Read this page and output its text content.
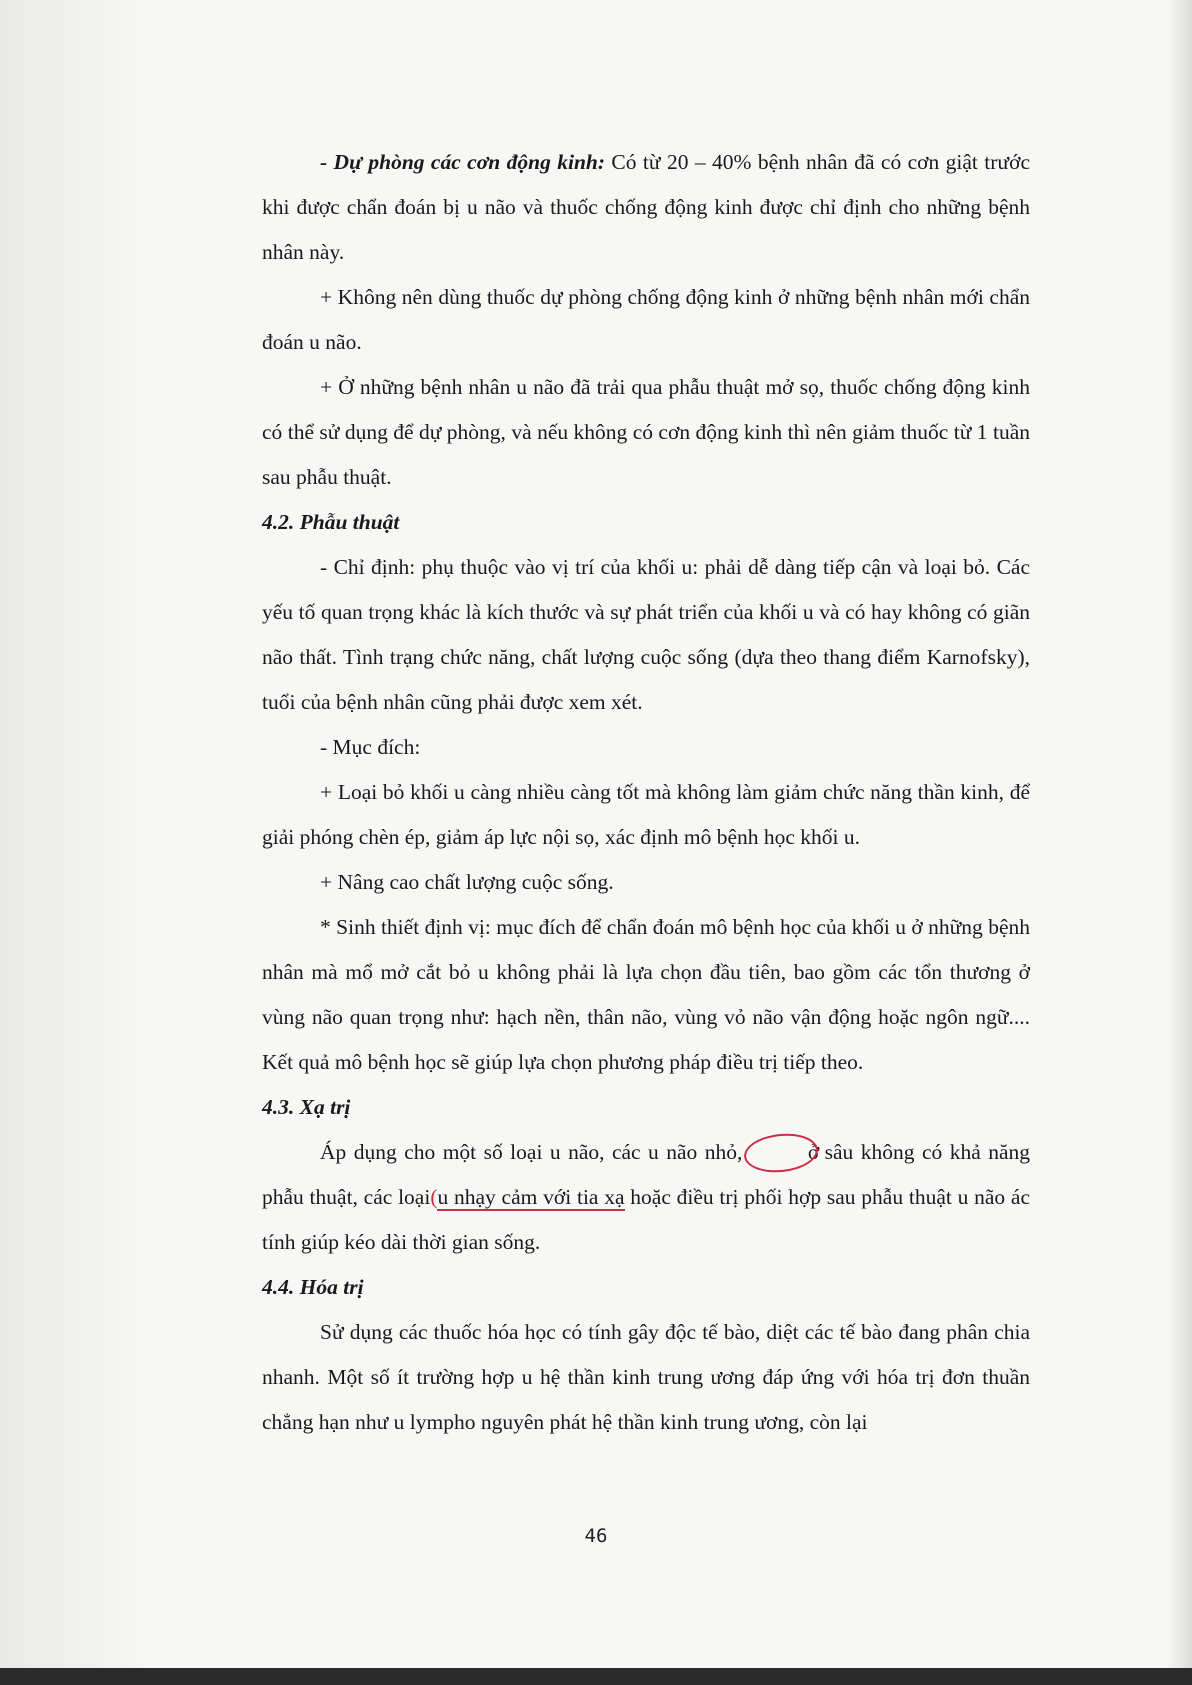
- Dự phòng các cơn động kinh: Có từ 20 – 40% bệnh nhân đã có cơn giật trước khi được chẩn đoán bị u não và thuốc chống động kinh được chỉ định cho những bệnh nhân này.

+ Không nên dùng thuốc dự phòng chống động kinh ở những bệnh nhân mới chẩn đoán u não.

+ Ở những bệnh nhân u não đã trải qua phẫu thuật mở sọ, thuốc chống động kinh có thể sử dụng để dự phòng, và nếu không có cơn động kinh thì nên giảm thuốc từ 1 tuần sau phẫu thuật.

4.2. Phẫu thuật

- Chỉ định: phụ thuộc vào vị trí của khối u: phải dễ dàng tiếp cận và loại bỏ. Các yếu tố quan trọng khác là kích thước và sự phát triển của khối u và có hay không có giãn não thất. Tình trạng chức năng, chất lượng cuộc sống (dựa theo thang điểm Karnofsky), tuổi của bệnh nhân cũng phải được xem xét.

- Mục đích:

+ Loại bỏ khối u càng nhiều càng tốt mà không làm giảm chức năng thần kinh, để giải phóng chèn ép, giảm áp lực nội sọ, xác định mô bệnh học khối u.

+ Nâng cao chất lượng cuộc sống.

* Sinh thiết định vị: mục đích để chẩn đoán mô bệnh học của khối u ở những bệnh nhân mà mổ mở cắt bỏ u không phải là lựa chọn đầu tiên, bao gồm các tổn thương ở vùng não quan trọng như: hạch nền, thân não, vùng vỏ não vận động hoặc ngôn ngữ.... Kết quả mô bệnh học sẽ giúp lựa chọn phương pháp điều trị tiếp theo.

4.3. Xạ trị

Áp dụng cho một số loại u não, các u não nhỏ,	ở sâu không có khả năng phẫu thuật, các loại(u nhạy cảm với tia xạ hoặc điều trị phối hợp sau phẫu thuật u não ác tính giúp kéo dài thời gian sống.

4.4. Hóa trị

Sử dụng các thuốc hóa học có tính gây độc tế bào, diệt các tế bào đang phân chia nhanh. Một số ít trường hợp u hệ thần kinh trung ương đáp ứng với hóa trị đơn thuần chẳng hạn như u lympho nguyên phát hệ thần kinh trung ương, còn lại

46
